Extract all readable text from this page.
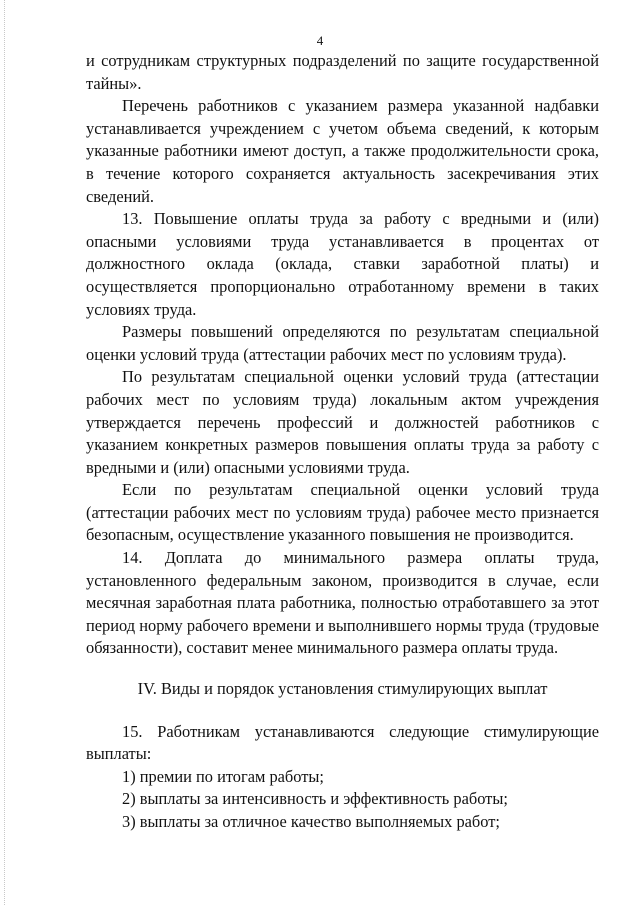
4

и сотрудникам структурных подразделений по защите государственной тайны».

Перечень работников с указанием размера указанной надбавки устанавливается учреждением с учетом объема сведений, к которым указанные работники имеют доступ, а также продолжительности срока, в течение которого сохраняется актуальность засекречивания этих сведений.

13. Повышение оплаты труда за работу с вредными и (или) опасными условиями труда устанавливается в процентах от должностного оклада (оклада, ставки заработной платы) и осуществляется пропорционально отработанному времени в таких условиях труда.

Размеры повышений определяются по результатам специальной оценки условий труда (аттестации рабочих мест по условиям труда).

По результатам специальной оценки условий труда (аттестации рабочих мест по условиям труда) локальным актом учреждения утверждается перечень профессий и должностей работников с указанием конкретных размеров повышения оплаты труда за работу с вредными и (или) опасными условиями труда.

Если по результатам специальной оценки условий труда (аттестации рабочих мест по условиям труда) рабочее место признается безопасным, осуществление указанного повышения не производится.

14. Доплата до минимального размера оплаты труда, установленного федеральным законом, производится в случае, если месячная заработная плата работника, полностью отработавшего за этот период норму рабочего времени и выполнившего нормы труда (трудовые обязанности), составит менее минимального размера оплаты труда.

IV. Виды и порядок установления стимулирующих выплат

15. Работникам устанавливаются следующие стимулирующие выплаты:

1) премии по итогам работы;

2) выплаты за интенсивность и эффективность работы;

3) выплаты за отличное качество выполняемых работ;
